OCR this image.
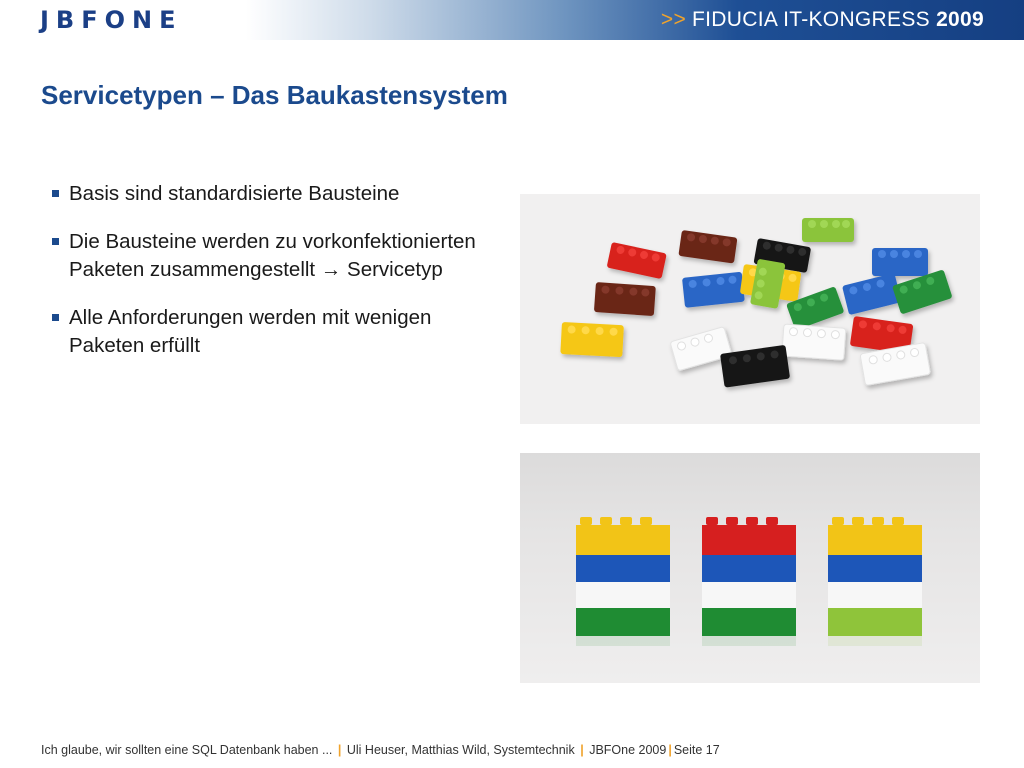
JBFONE	>> FIDUCIA IT-KONGRESS 2009
Servicetypen – Das Baukastensystem
Basis sind standardisierte Bausteine
Die Bausteine werden zu vorkonfektionierten Paketen zusammengestellt → Servicetyp
Alle Anforderungen werden mit wenigen Paketen erfüllt
Ich glaube, wir sollten eine SQL Datenbank haben ... | Uli Heuser, Matthias Wild, Systemtechnik | JBFOne 2009 | Seite 17
